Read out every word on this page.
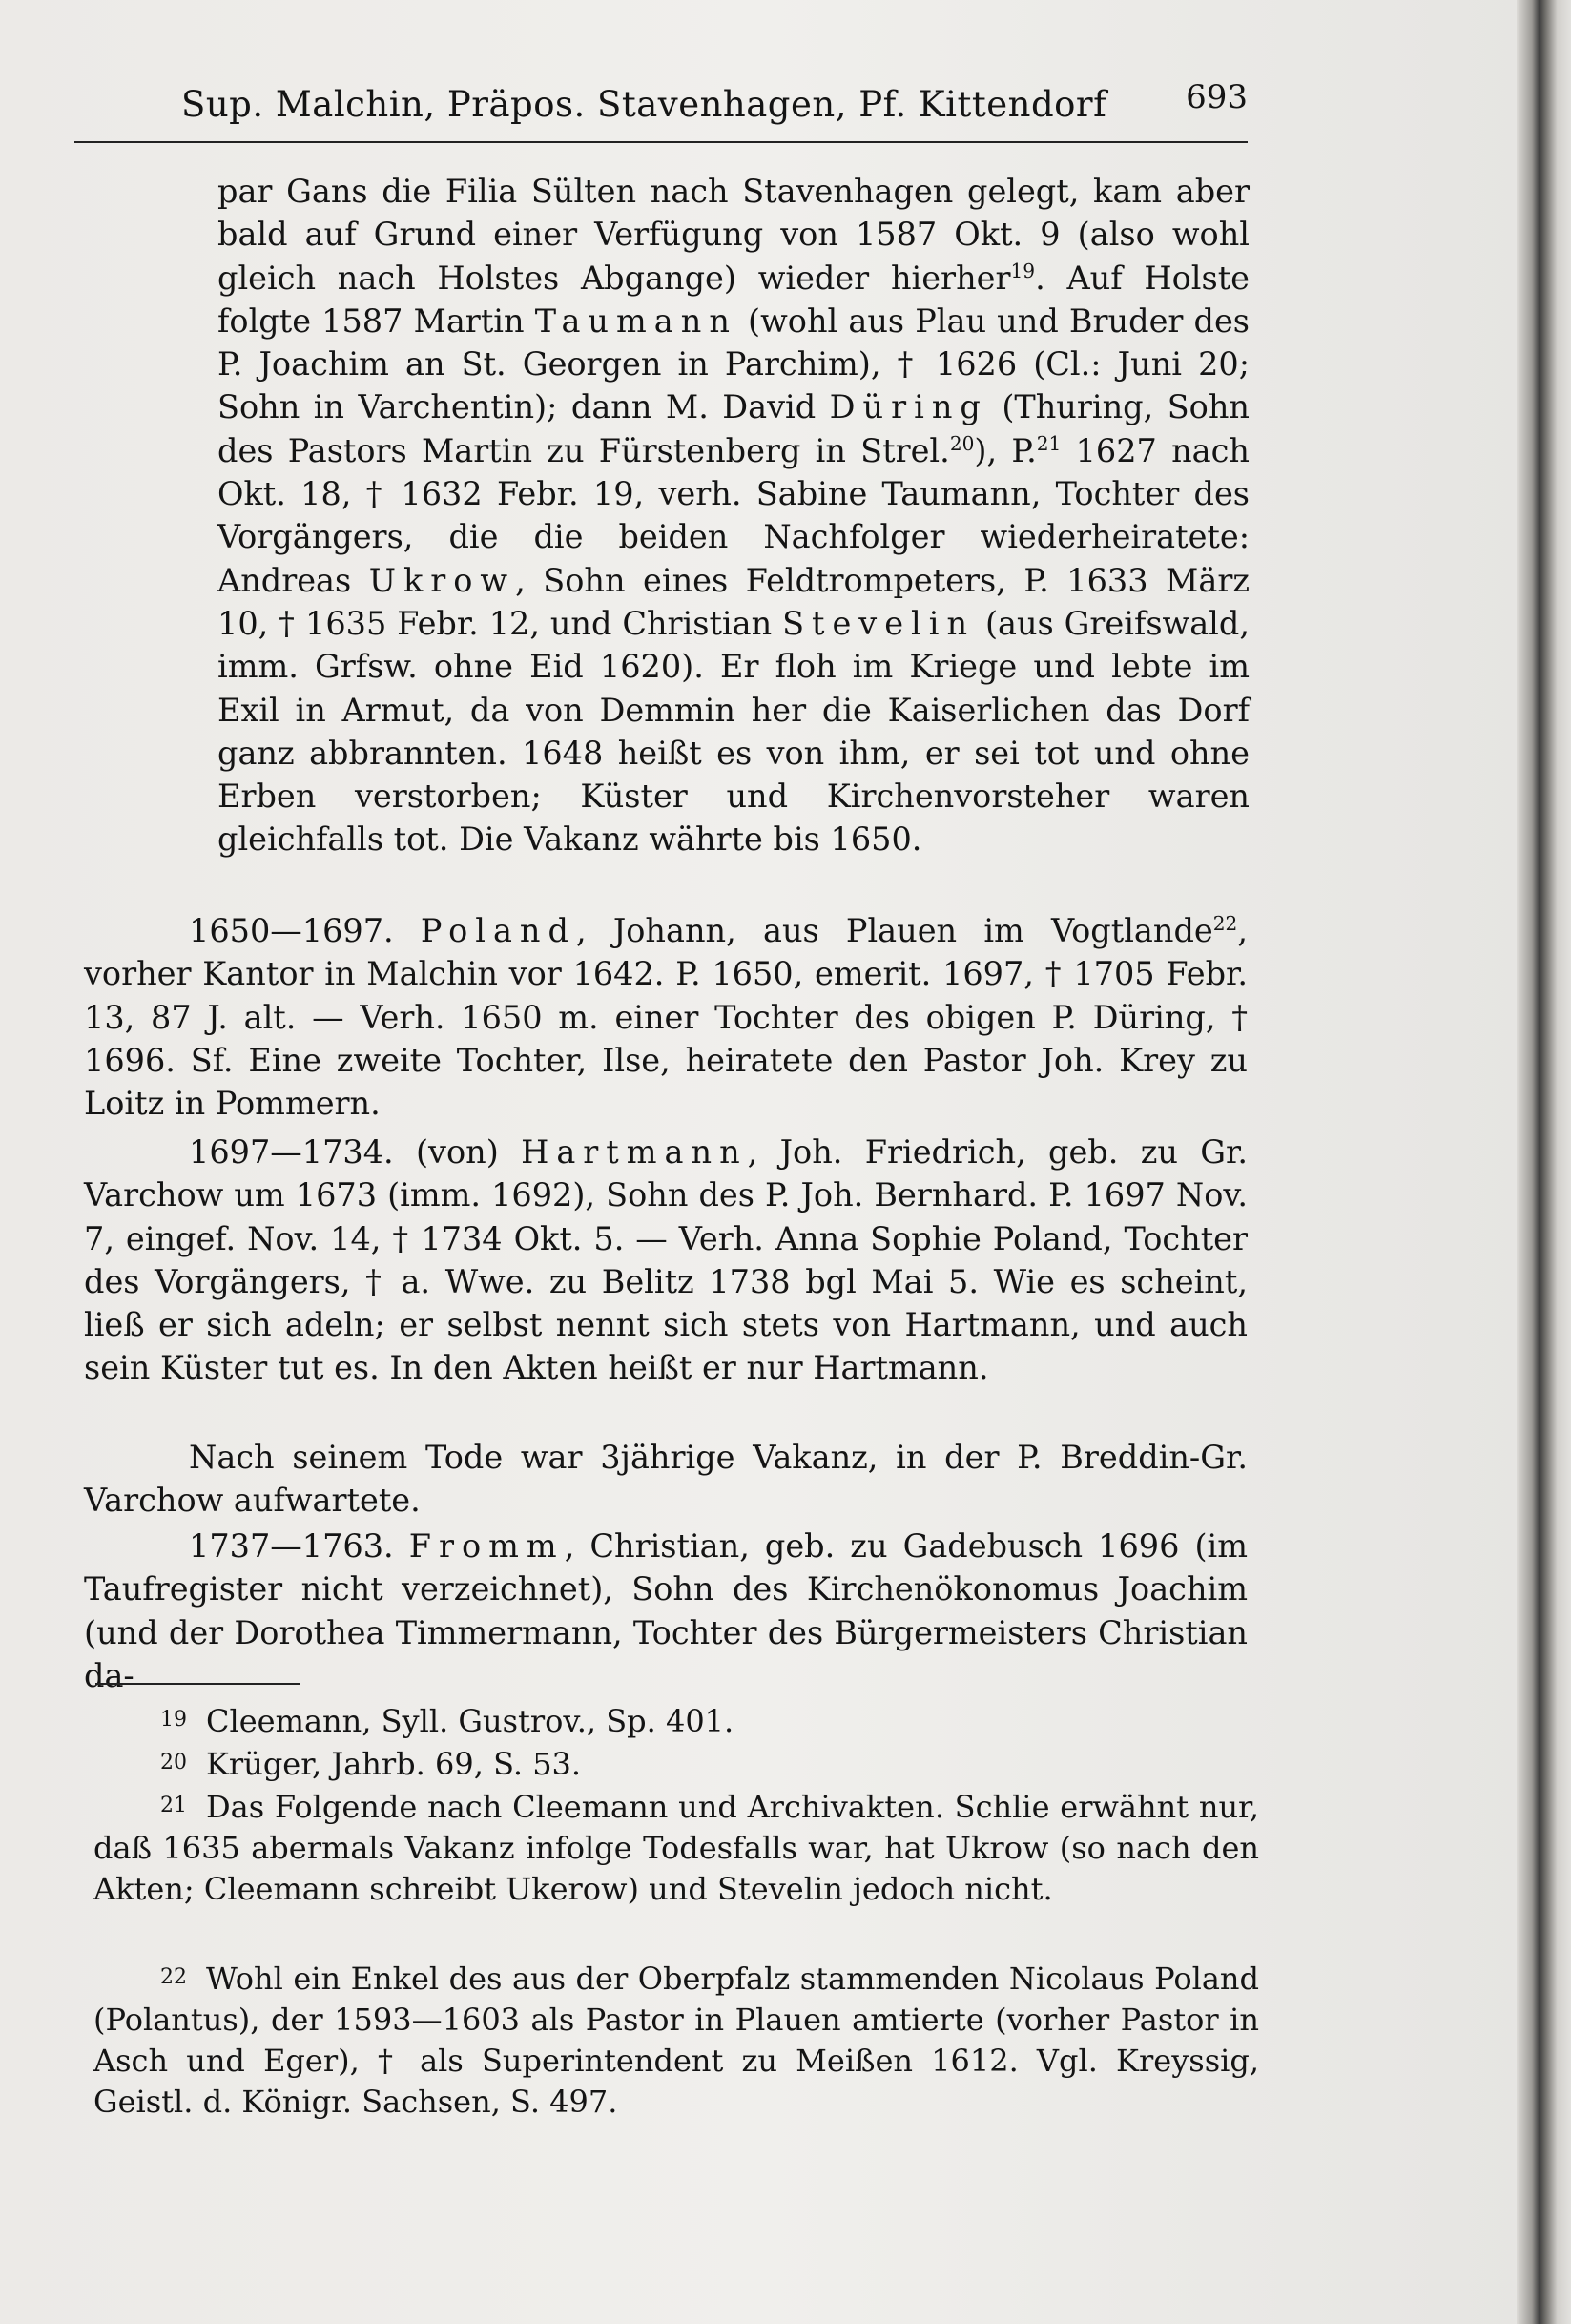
Sup. Malchin, Präpos. Stavenhagen, Pf. Kittendorf 693

par Gans die Filia Sülten nach Stavenhagen gelegt, kam aber bald auf Grund einer Verfügung von 1587 Okt. 9 (also wohl gleich nach Holstes Abgange) wieder hierher$^{19}$. Auf Holste folgte 1587 Martin Taumann (wohl aus Plau und Bruder des P. Joachim an St. Georgen in Parchim), † 1626 (Cl.: Juni 20; Sohn in Varchentin); dann M. David Düring (Thuring, Sohn des Pastors Martin zu Fürstenberg in Strel.$^{20}$), P.$^{21}$ 1627 nach Okt. 18, † 1632 Febr. 19, verh. Sabine Taumann, Tochter des Vorgängers, die die beiden Nachfolger wiederheiratete: Andreas Ukrow, Sohn eines Feldtrompeters, P. 1633 März 10, † 1635 Febr. 12, und Christian Stevelin (aus Greifswald, imm. Grfsw. ohne Eid 1620). Er floh im Kriege und lebte im Exil in Armut, da von Demmin her die Kaiserlichen das Dorf ganz abbrannten. 1648 heißt es von ihm, er sei tot und ohne Erben verstorben; Küster und Kirchenvorsteher waren gleichfalls tot. Die Vakanz währte bis 1650.

1650—1697. Poland, Johann, aus Plauen im Vogtlande$^{22}$, vorher Kantor in Malchin vor 1642. P. 1650, emerit. 1697, † 1705 Febr. 13, 87 J. alt. — Verh. 1650 m. einer Tochter des obigen P. Düring, † 1696. Sf. Eine zweite Tochter, Ilse, heiratete den Pastor Joh. Krey zu Loitz in Pommern.

1697—1734. (von) Hartmann, Joh. Friedrich, geb. zu Gr. Varchow um 1673 (imm. 1692), Sohn des P. Joh. Bernhard. P. 1697 Nov. 7, eingef. Nov. 14, † 1734 Okt. 5. — Verh. Anna Sophie Poland, Tochter des Vorgängers, † a. Wwe. zu Belitz 1738 bgl Mai 5. Wie es scheint, ließ er sich adeln; er selbst nennt sich stets von Hartmann, und auch sein Küster tut es. In den Akten heißt er nur Hartmann.

Nach seinem Tode war 3jährige Vakanz, in der P. Breddin-Gr. Varchow aufwartete.

1737—1763. Fromm, Christian, geb. zu Gadebusch 1696 (im Taufregister nicht verzeichnet), Sohn des Kirchenökonomus Joachim (und der Dorothea Timmermann, Tochter des Bürgermeisters Christian da-

19 Cleemann, Syll. Gustrov., Sp. 401.

20 Krüger, Jahrb. 69, S. 53.

21 Das Folgende nach Cleemann und Archivakten. Schlie erwähnt nur, daß 1635 abermals Vakanz infolge Todesfalls war, hat Ukrow (so nach den Akten; Cleemann schreibt Ukerow) und Stevelin jedoch nicht.

22 Wohl ein Enkel des aus der Oberpfalz stammenden Nicolaus Poland (Polantus), der 1593—1603 als Pastor in Plauen amtierte (vorher Pastor in Asch und Eger), † als Superintendent zu Meißen 1612. Vgl. Kreyssig, Geistl. d. Königr. Sachsen, S. 497.
